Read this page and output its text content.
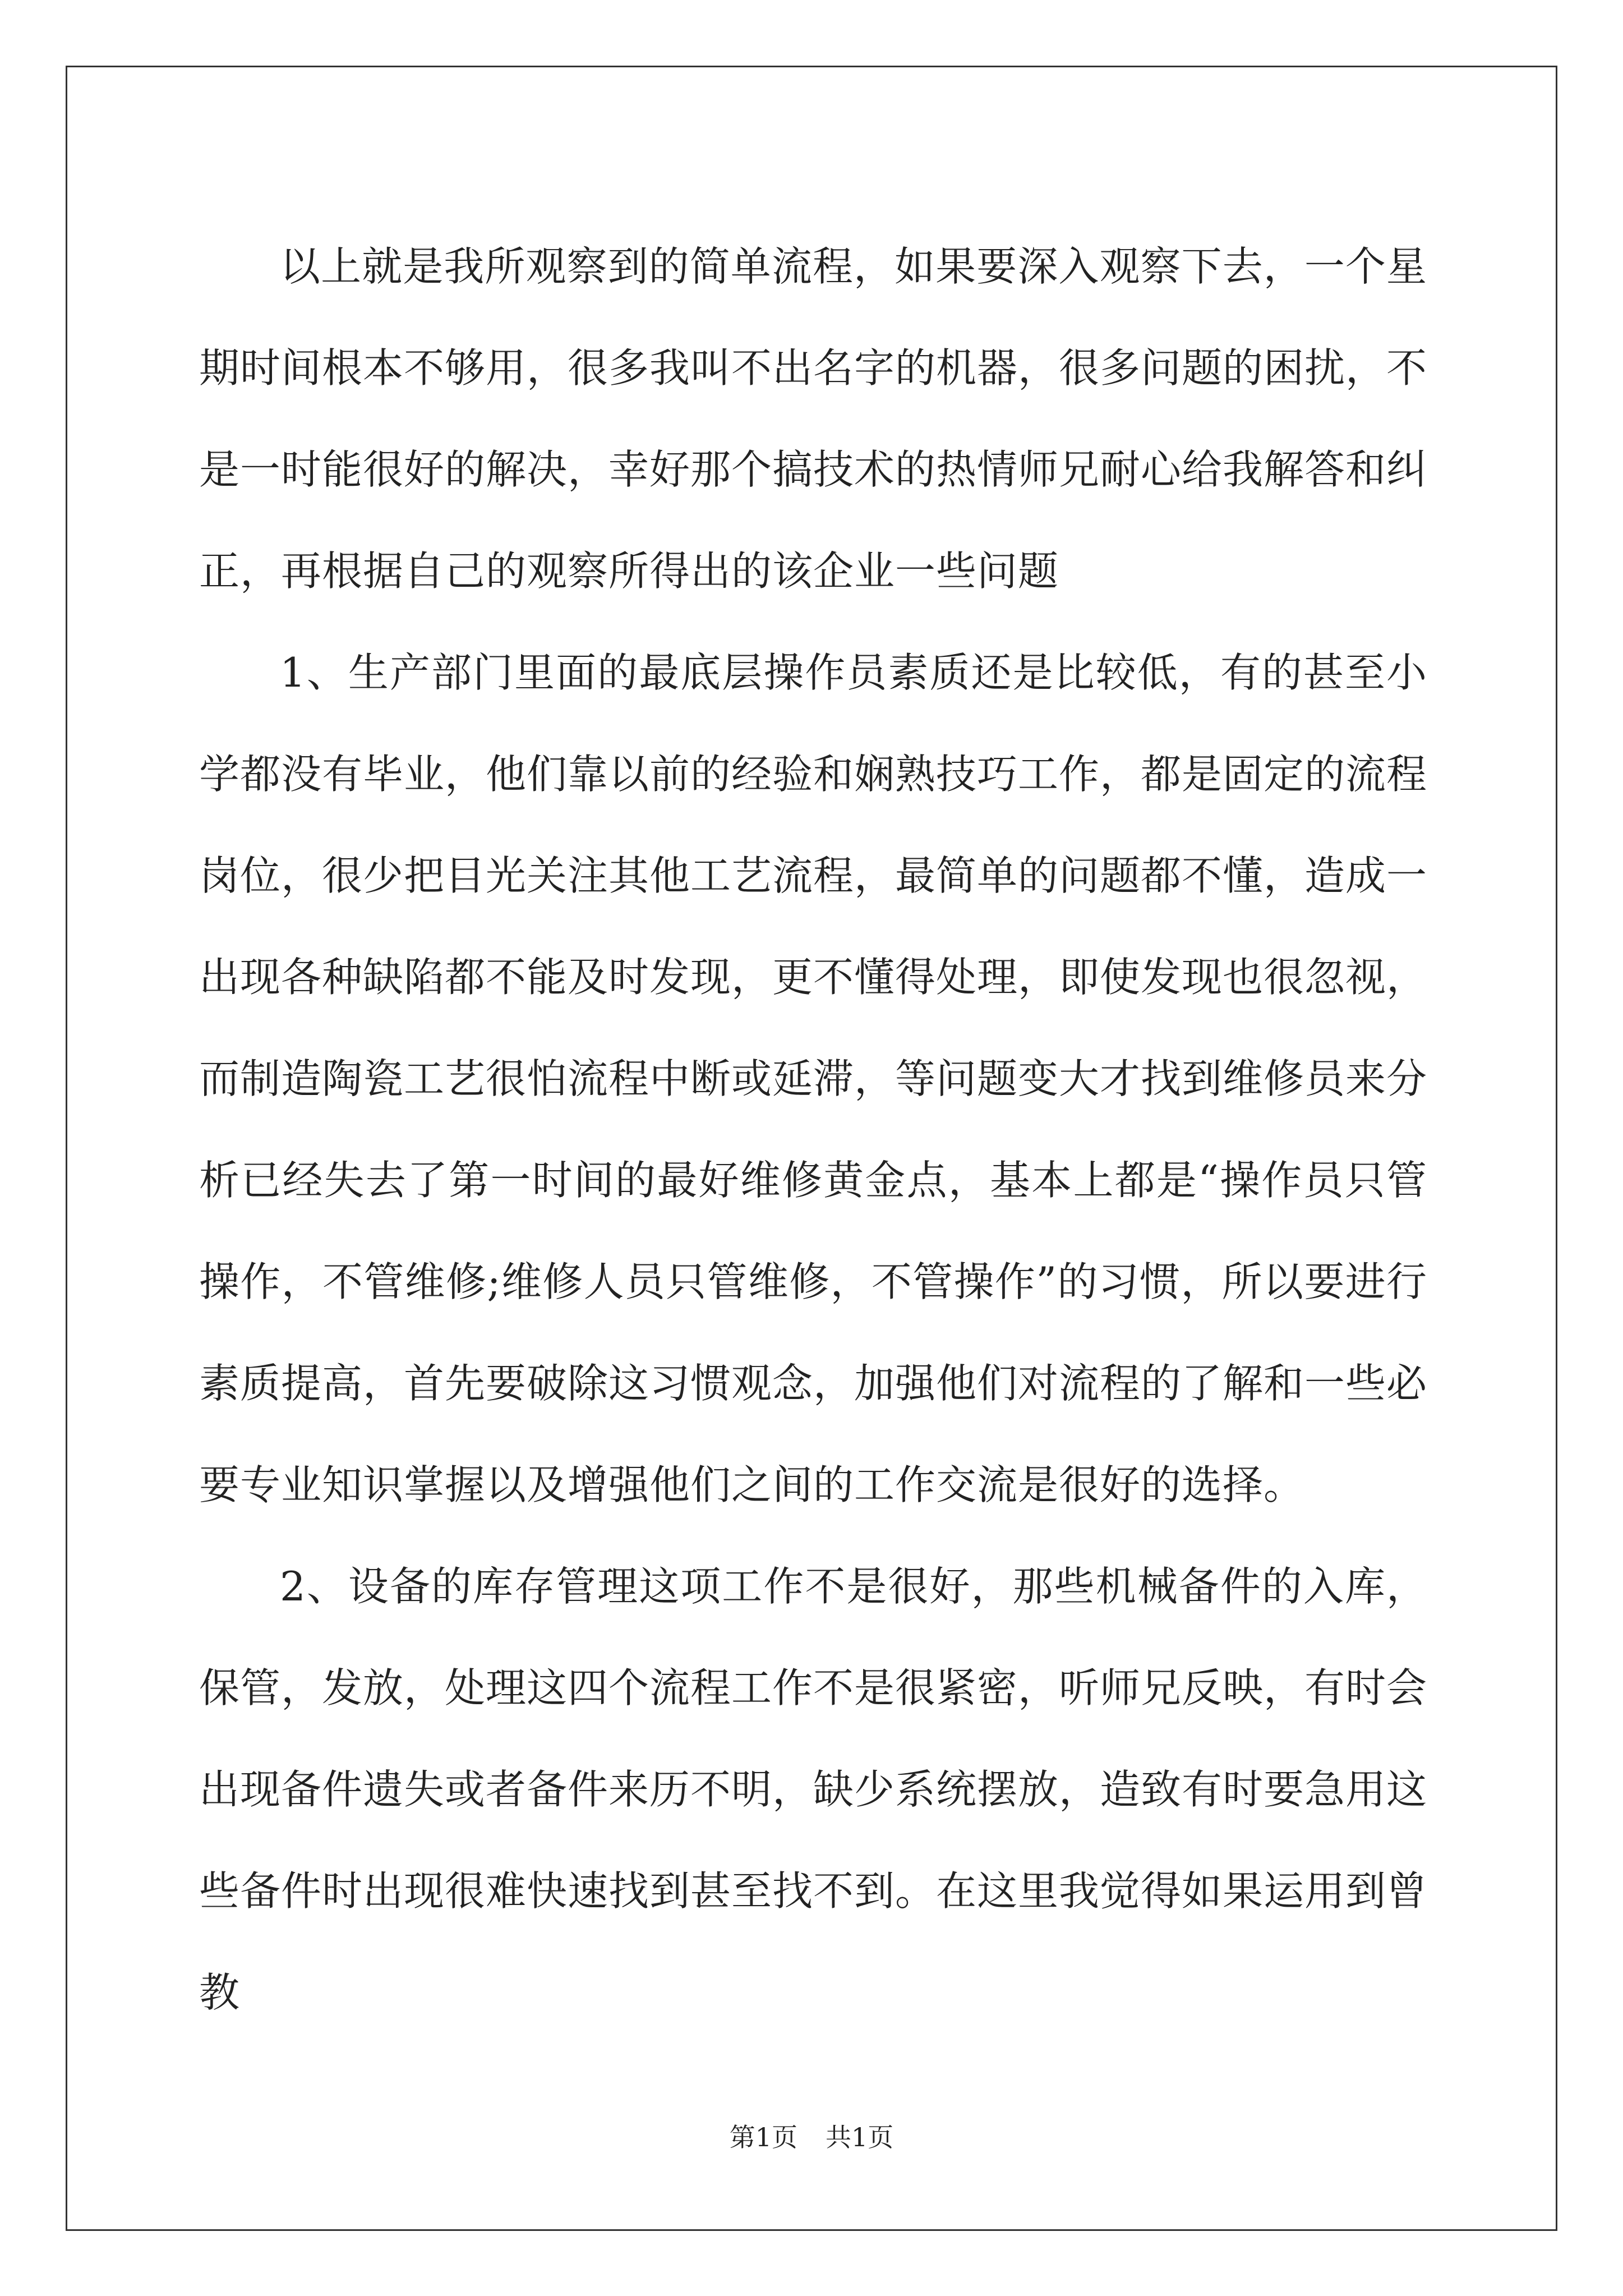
以上就是我所观察到的简单流程，如果要深入观察下去，一个星期时间根本不够用，很多我叫不出名字的机器，很多问题的困扰，不是一时能很好的解决，幸好那个搞技术的热情师兄耐心给我解答和纠正，再根据自己的观察所得出的该企业一些问题

1、生产部门里面的最底层操作员素质还是比较低，有的甚至小学都没有毕业，他们靠以前的经验和娴熟技巧工作，都是固定的流程岗位，很少把目光关注其他工艺流程，最简单的问题都不懂，造成一出现各种缺陷都不能及时发现，更不懂得处理，即使发现也很忽视，而制造陶瓷工艺很怕流程中断或延滞，等问题变大才找到维修员来分析已经失去了第一时间的最好维修黄金点，基本上都是“操作员只管操作，不管维修;维修人员只管维修，不管操作”的习惯，所以要进行素质提高，首先要破除这习惯观念，加强他们对流程的了解和一些必要专业知识掌握以及增强他们之间的工作交流是很好的选择。

2、设备的库存管理这项工作不是很好，那些机械备件的入库，保管，发放，处理这四个流程工作不是很紧密，听师兄反映，有时会出现备件遗失或者备件来历不明，缺少系统摆放，造致有时要急用这些备件时出现很难快速找到甚至找不到。在这里我觉得如果运用到曾教

第1页 共1页
